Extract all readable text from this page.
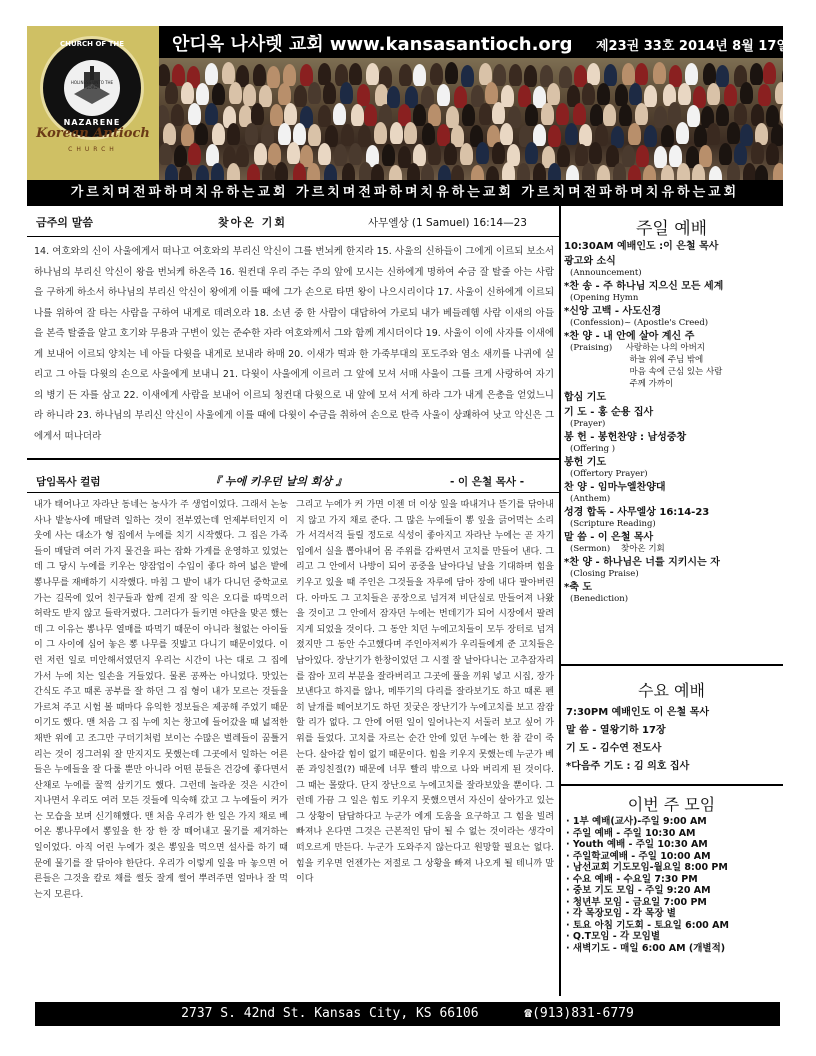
CHURCH OF THE
NAZARENE
HOLINESS UNTO THE LORD
Korean Antioch
CHURCH
안디옥 나사렛 교회 www.kansasantioch.org 제23권 33호 2014년 8월 17일
가르치며전파하며치유하는교회 가르치며전파하며치유하는교회 가르치며전파하며치유하는교회
금주의 말씀	찾아온 기회	사무엘상 (1 Samuel) 16:14—23
14. 여호와의 신이 사울에게서 떠나고 여호와의 부리신 악신이 그를 번뇌케 한지라 15. 사울의 신하들이 그에게 이르되 보소서 하나님의 부리신 악신이 왕을 번뇌케 하온즉 16. 원컨대 우리 주는 주의 앞에 모시는 신하에게 명하여 수금 잘 탈줄 아는 사람을 구하게 하소서 하나님의 부리신 악신이 왕에게 이를 때에 그가 손으로 타면 왕이 나으시리이다 17. 사울이 신하에게 이르되 나를 위하여 잘 타는 사람을 구하여 내게로 데려오라 18. 소년 중 한 사람이 대답하여 가로되 내가 베들레헴 사람 이새의 아들을 본즉 탈줄을 알고 호기와 무용과 구변이 있는 준수한 자라 여호와께서 그와 함께 계시더이다 19. 사울이 이에 사자를 이새에게 보내어 이르되 양치는 네 아들 다윗을 내게로 보내라 하매 20. 이새가 떡과 한 가죽부대의 포도주와 염소 새끼를 나귀에 실리고 그 아들 다윗의 손으로 사울에게 보내니 21. 다윗이 사울에게 이르러 그 앞에 모셔 서매 사울이 그를 크게 사랑하여 자기의 병기 든 자를 삼고 22. 이새에게 사람을 보내어 이르되 청컨대 다윗으로 내 앞에 모셔 서게 하라 그가 내게 은총을 얻었느니라 하니라 23. 하나님의 부리신 악신이 사울에게 이를 때에 다윗이 수금을 취하여 손으로 탄즉 사울이 상쾌하여 낫고 악신은 그에게서 떠나더라
담임목사 컬럼	『 누에 키우던 날의 회상 』	- 이 은철 목사 -
내가 태어나고 자라난 동네는 농사가 주 생업이었다. 그래서 논농사나 밭농사에 매달려 일하는 것이 전부였는데 언제부터인지 이웃에 사는 대소가 형 집에서 누에를 치기 시작했다. 그 집은 가족들이 매달려 여러 가지 물건을 파는 잡화 가게를 운영하고 있었는데 그 당시 누에를 키우는 양잠업이 수입이 좋다 하여 넓은 밭에 뽕나무를 재배하기 시작했다. 마침 그 밭이 내가 다니던 중학교로 가는 길목에 있어 친구들과 함께 걷게 잘 익은 오디를 따먹으러 허락도 받지 않고 들락거렸다. 그러다가 들키면 야단을 맞곤 했는데 그 이유는 뽕나무 열매를 따먹기 때문이 아니라 철없는 아이들이 그 사이에 심어 놓은 뽕 나무를 짓밟고 다니기 때문이었다. 이런 저런 일로 미안해서였던지 우리는 시간이 나는 대로 그 집에 가서 누에 치는 일손을 거들었다. 물론 공짜는 아니었다. 맛있는 간식도 주고 때론 공부를 잘 하던 그 집 형이 내가 모르는 것들을 가르쳐 주고 시험 볼 때마다 유익한 정보들은 제공해 주었기 때문이기도 했다. 맨 처음 그 집 누에 치는 창고에 들어갔을 때 넓적한 채반 위에 고 조그만 구더기처럼 보이는 수많은 벌레들이 꿈틀거리는 것이 징그러워 잘 만지지도 못했는데 그곳에서 일하는 어른들은 누에들을 잘 다룰 뿐만 아니라 어떤 분들은 건강에 좋다면서 산채로 누에를 꿀꺽 삼키기도 했다. 그런데 놀라운 것은 시간이 지나면서 우리도 여러 모든 것들에 익숙해 갔고 그 누에들이 커가는 모습을 보며 신기해했다. 맨 처음 우리가 한 일은 가지 채로 베어온 뽕나무에서 뽕잎을 한 장 한 장 떼어내고 물기를 제거하는 일이었다. 아직 어린 누에가 젖은 뽕잎을 먹으면 설사를 하기 때문에 물기를 잘 닦아야 한단다. 우리가 이렇게 일을 마 놓으면 어른들은 그것을 칼로 채를 썰듯 잘게 썰어 뿌려주면 얼마나 잘 먹는지 모른다.
그리고 누에가 커 가면 이젠 더 이상 잎을 따내거나 뜯기를 닦아내지 않고 가지 채로 준다. 그 많은 누에들이 뽕 잎을 긁어먹는 소리가 서걱서걱 들릴 정도로 식성이 좋아지고 자라난 누에는 곧 자기 입에서 실을 뽑아내어 몸 주위를 감싸면서 고치를 만들어 낸다. 그리고 그 안에서 나방이 되어 공중을 날아다닐 날을 기대하며 힘을 키우고 있을 때 주인은 그것들을 자루에 담아 장에 내다 팔아버린다. 아마도 그 고치들은 공장으로 넘겨져 비단실로 만들어져 나왔을 것이고 그 안에서 잠자던 누에는 번데기가 되어 시장에서 팔려지게 되었을 것이다. 그 동안 치던 누에고치들이 모두 장터로 넘겨졌지만 그 동안 수고했다며 주인아저씨가 우리들에게 준 고치들은 남아있다. 장난기가 한창이었던 그 시절 잘 날아다니는 고추잠자리를 잡아 꼬리 부분을 잘라버리고 그곳에 풀을 끼워 넣고 시집, 장가보낸다고 하지를 않나, 메뚜기의 다리를 잘라보기도 하고 때론 펜히 날개를 떼어보기도 하던 짓궂은 장난기가 누에고치를 보고 잠잠 할 리가 없다. 그 안에 어떤 일이 일어나는지 서둘러 보고 싶어 가위를 들었다. 고치를 자르는 순간 안에 있던 누에는 한 참 같이 죽는다. 살아갈 힘이 없기 때문이다. 힘을 키우지 못했는데 누군가 베푼 과잉친절(?) 때문에 너무 빨리 밖으로 나와 버리게 된 것이다. 그 때는 몰랐다. 단지 장난으로 누에고치를 잘라보았을 뿐이다. 그런데 가끔 그 일은 힘도 키우지 못했으면서 자신이 살아가고 있는 그 상황이 답답하다고 누군가 에게 도움을 요구하고 그 힘을 빌려 빠져나 온다면 그것은 근본적인 답이 될 수 없는 것이라는 생각이 떠오르게 만든다. 누군가 도와주지 않는다고 원망할 필요는 없다. 힘을 키우면 언젠가는 저절로 그 상황을 빠져 나오게 될 테니까 말이다
주일 예배
10:30AM 예배인도 :이 은철 목사
광고와 소식
(Announcement)
*찬 송 - 주 하나님 지으신 모든 세계
(Opening Hymn
*신앙 고백 - 사도신경
(Confession)~ (Apostle's Creed)
*찬 양 - 내 안에 살아 계신 주
(Praising)     사랑하는 나의 아버지
하늘 위에 주님 밖에
마음 속에 근심 있는 사람
주께 가까이
합심 기도
기 도 - 홍 순용 집사
(Prayer)
봉 헌 - 봉헌찬양 : 남성중창
(Offering )
봉헌 기도
(Offertory Prayer)
찬 양 - 임마누엘찬양대
(Anthem)
성경 합독 - 사무엘상 16:14-23
(Scripture Reading)
말 씀 - 이 은철 목사
(Sermon)    찾아온 기회
*찬 양 - 하나님은 너를 지키시는 자
(Closing Praise)
*축 도
(Benediction)
수요 예배
7:30PM 예배인도 이 은철 목사
말 씀 - 열왕기하 17장
기 도 - 김수연 전도사
*다음주 기도 : 김 의호 집사
이번 주 모임
· 1부 예배(교사)-주일 9:00 AM
· 주일 예배 - 주일 10:30 AM
· Youth 예배 - 주일 10:30 AM
· 주일학교예배 - 주일 10:00 AM
· 남선교회 기도모임-월요일 8:00 PM
· 수요 예배 - 수요일 7:30 PM
· 중보 기도 모임 - 주일 9:20 AM
· 청년부 모임 - 금요일 7:00 PM
· 각 목장모임 - 각 목장 별
· 토요 아침 기도회 - 토요일 6:00 AM
· Q.T모임 - 각 모임별
· 새벽기도 - 매일 6:00 AM (개별적)
2737 S. 42nd St. Kansas City, KS 66106	☎(913)831-6779
